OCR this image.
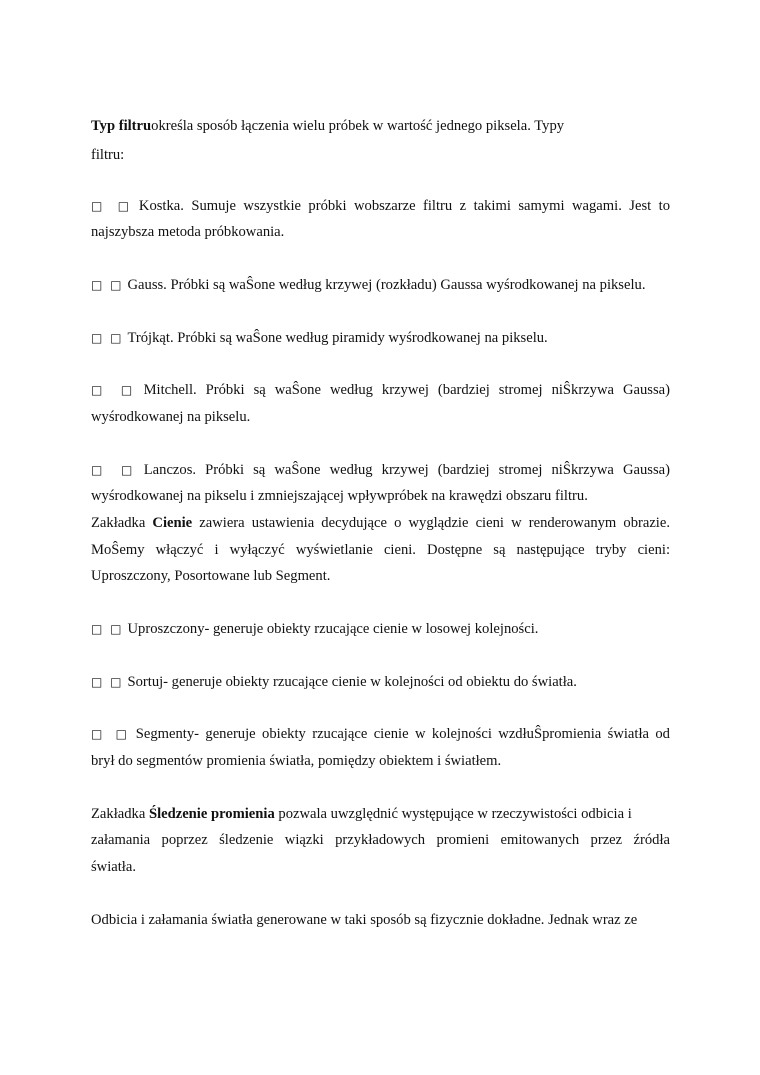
Typ filtruokreśla sposób łączenia wielu próbek w wartość jednego piksela. Typy
filtru:
□ □ Kostka. Sumuje wszystkie próbki wobszarze filtru z takimi samymi wagami. Jest to
najszybsza metoda próbkowania.
□ □ Gauss. Próbki są waŜone według krzywej (rozkładu) Gaussa wyśrodkowanej na pikselu.
□ □ Trójkąt. Próbki są waŜone według piramidy wyśrodkowanej na pikselu.
□ □ Mitchell. Próbki są waŜone według krzywej (bardziej stromej niŜkrzywa Gaussa)
wyśrodkowanej na pikselu.
□ □ Lanczos. Próbki są waŜone według krzywej (bardziej stromej niŜkrzywa Gaussa)
wyśrodkowanej na pikselu i zmniejszającej wpływpróbek na krawędzi obszaru filtru.
Zakładka Cienie zawiera ustawienia decydujące o wyglądzie cieni w renderowanym obrazie.
MoŜemy włączyć i wyłączyć wyświetlanie cieni. Dostępne są następujące tryby cieni:
Uproszczony, Posortowane lub Segment.
□ □ Uproszczony- generuje obiekty rzucające cienie w losowej kolejności.
□ □ Sortuj- generuje obiekty rzucające cienie w kolejności od obiektu do światła.
□ □ Segmenty- generuje obiekty rzucające cienie w kolejności wzdłuŜpromienia światła od
brył do segmentów promienia światła, pomiędzy obiektem i światłem.
Zakładka Śledzenie promienia pozwala uwzględnić występujące w rzeczywistości odbicia i
załamania poprzez śledzenie wiązki przykładowych promieni emitowanych przez źródła
światła.
Odbicia i załamania światła generowane w taki sposób są fizycznie dokładne. Jednak wraz ze
